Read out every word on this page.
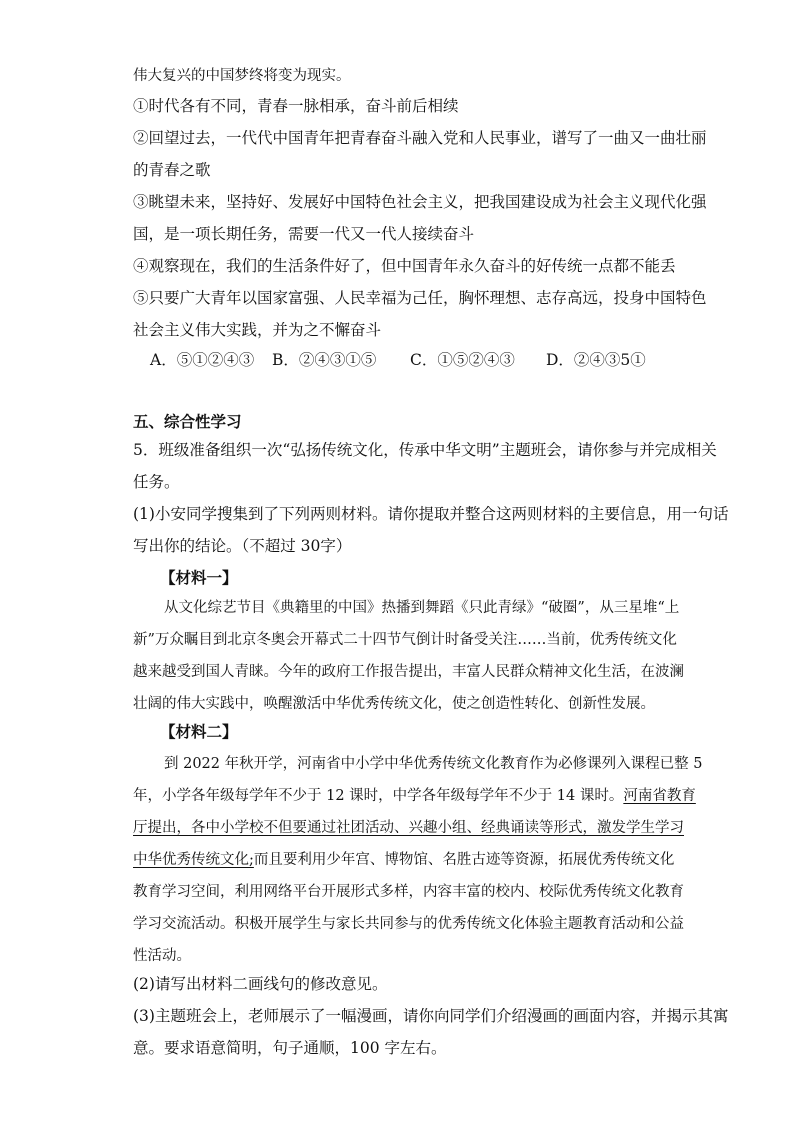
伟大复兴的中国梦终将变为现实。
①时代各有不同，青春一脉相承，奋斗前后相续
②回望过去，一代代中国青年把青春奋斗融入党和人民事业，谱写了一曲又一曲壮丽
的青春之歌
③眺望未来，坚持好、发展好中国特色社会主义，把我国建设成为社会主义现代化强
国，是一项长期任务，需要一代又一代人接续奋斗
④观察现在，我们的生活条件好了，但中国青年永久奋斗的好传统一点都不能丢
⑤只要广大青年以国家富强、人民幸福为己任，胸怀理想、志存高远，投身中国特色
社会主义伟大实践，并为之不懈奋斗
A．⑤①②④③ B．②④③①⑤ C．①⑤②④③ D．②④③5①
五、综合性学习
5．班级准备组织一次“弘扬传统文化，传承中华文明”主题班会，请你参与并完成相关
任务。
(1)小安同学搜集到了下列两则材料。请你提取并整合这两则材料的主要信息，用一句话
写出你的结论。（不超过 30字）
【材料一】
从文化综艺节目《典籍里的中国》热播到舞蹈《只此青绿》“破圈”，从三星堆“上
新”万众瞩目到北京冬奥会开幕式二十四节气倒计时备受关注……当前，优秀传统文化
越来越受到国人青睐。今年的政府工作报告提出，丰富人民群众精神文化生活，在波澜
壮阔的伟大实践中，唤醒激活中华优秀传统文化，使之创造性转化、创新性发展。
【材料二】
到 2022 年秋开学，河南省中小学中华优秀传统文化教育作为必修课列入课程已整 5
年，小学各年级每学年不少于 12 课时，中学各年级每学年不少于 14 课时。河南省教育
厅提出，各中小学校不但要通过社团活动、兴趣小组、经典诵读等形式，激发学生学习
中华优秀传统文化;而且要利用少年宫、博物馆、名胜古迹等资源，拓展优秀传统文化
教育学习空间，利用网络平台开展形式多样，内容丰富的校内、校际优秀传统文化教育
学习交流活动。积极开展学生与家长共同参与的优秀传统文化体验主题教育活动和公益
性活动。
(2)请写出材料二画线句的修改意见。
(3)主题班会上，老师展示了一幅漫画，请你向同学们介绍漫画的画面内容，并揭示其寓
意。要求语意简明，句子通顺，100 字左右。
